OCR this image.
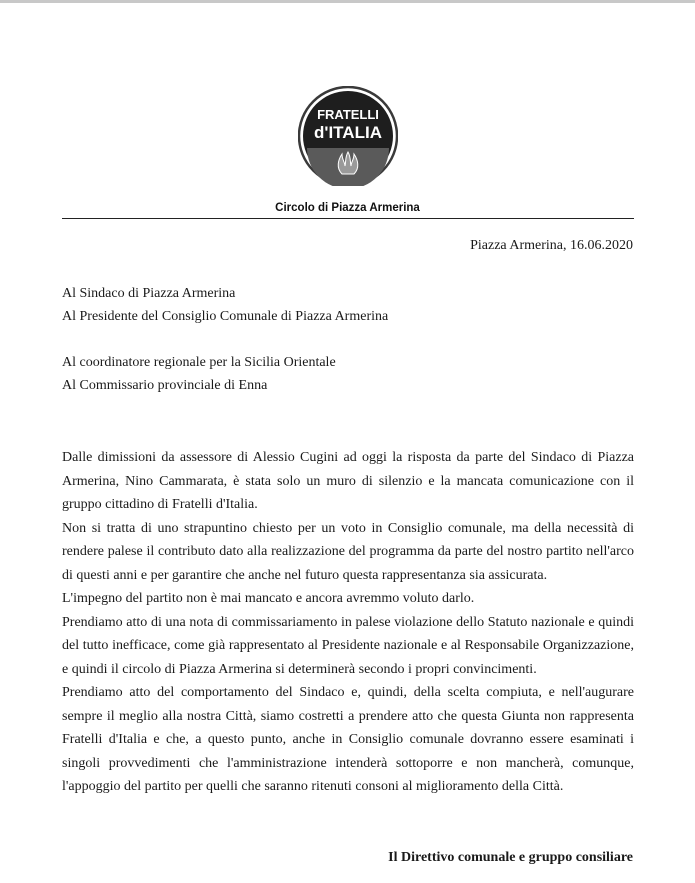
FRATELLI
d'ITALIA
Circolo di Piazza Armerina
Piazza Armerina, 16.06.2020
Al Sindaco di Piazza Armerina
Al Presidente del Consiglio Comunale di Piazza Armerina
Al coordinatore regionale per la Sicilia Orientale
Al Commissario provinciale di Enna

Dalle dimissioni da assessore di Alessio Cugini ad oggi la risposta da parte del Sindaco di Piazza Armerina, Nino Cammarata, è stata solo un muro di silenzio e la mancata comunicazione con il gruppo cittadino di Fratelli d'Italia.

Non si tratta di uno strapuntino chiesto per un voto in Consiglio comunale, ma della necessità di rendere palese il contributo dato alla realizzazione del programma da parte del nostro partito nell'arco di questi anni e per garantire che anche nel futuro questa rappresentanza sia assicurata.

L'impegno del partito non è mai mancato e ancora avremmo voluto darlo.

Prendiamo atto di una nota di commissariamento in palese violazione dello Statuto nazionale e quindi del tutto inefficace, come già rappresentato al Presidente nazionale e al Responsabile Organizzazione, e quindi il circolo di Piazza Armerina si determinerà secondo i propri convincimenti.

Prendiamo atto del comportamento del Sindaco e, quindi, della scelta compiuta, e nell'augurare sempre il meglio alla nostra Città, siamo costretti a prendere atto che questa Giunta non rappresenta Fratelli d'Italia e che, a questo punto, anche in Consiglio comunale dovranno essere esaminati i singoli provvedimenti che l'amministrazione intenderà sottoporre e non mancherà, comunque, l'appoggio del partito per quelli che saranno ritenuti consoni al miglioramento della Città.

Il Direttivo comunale e gruppo consiliare
